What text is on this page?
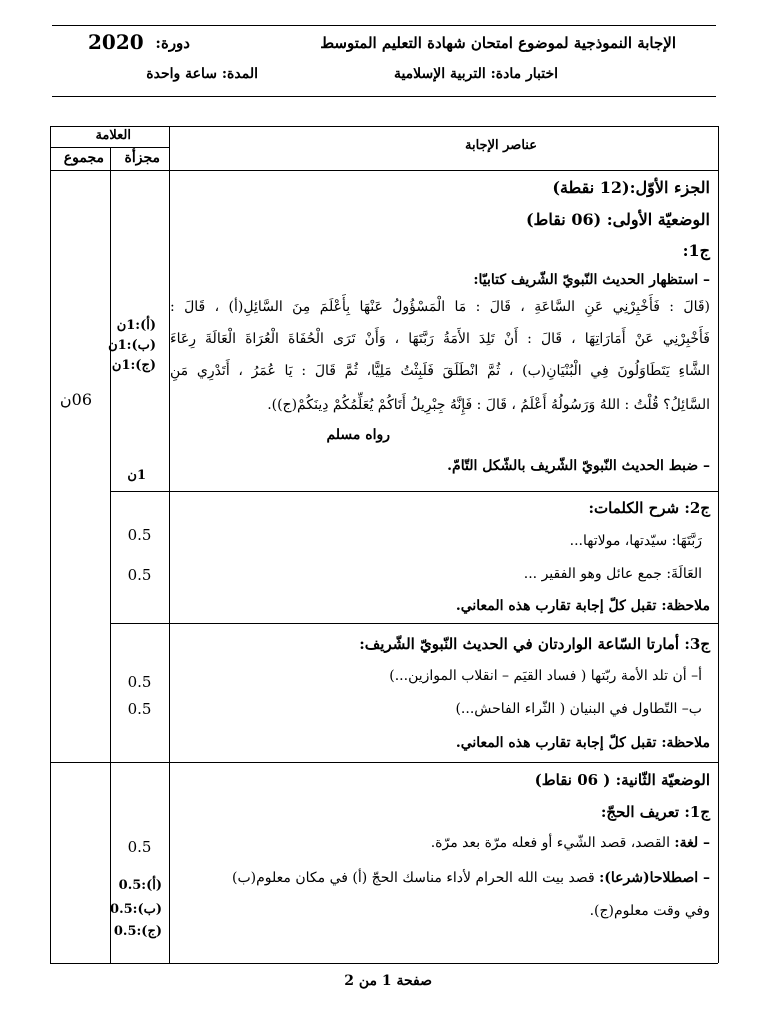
الإجابة النموذجية لموضوع امتحان شهادة التعليم المتوسط
دورة:
2020
اختبار مادة: التربية الإسلامية
المدة: ساعة واحدة
عناصر الإجابة
العلامة
مجزأة
مجموع
الجزء الأوّل:(12 نقطة)
الوضعيّة الأولى: (06 نقاط)
ج1:
– استظهار الحديث النّبويّ الشّريف كتابيّا:
(قَالَ : فَأَخْبِرْنِي عَنِ السَّاعَةِ ، قَالَ : مَا الْمَسْؤُولُ عَنْهَا بِأَعْلَمَ مِنَ السَّائِلِ(أ) ، قَالَ :
فَأَخْبِرْنِي عَنْ أَمَارَاتِهَا ، قَالَ : أَنْ تَلِدَ الأَمَةُ رَبَّتَهَا ، وَأَنْ تَرَى الْحُفَاةَ الْعُرَاةَ الْعَالَةَ رِعَاءَ
الشَّاءِ يَتَطَاوَلُونَ فِي الْبُنْيَانِ(ب) ، ثُمَّ انْطَلَقَ فَلَبِثْتُ مَلِيًّا، ثُمَّ قَالَ : يَا عُمَرُ ، أَتَدْرِي مَنِ
السَّائِلُ؟ قُلْتُ : اللهُ وَرَسُولُهُ أَعْلَمُ ، قَالَ : فَإِنَّهُ جِبْرِيلُ أَتَاكُمْ يُعَلِّمُكُمْ دِينَكُمْ(ج)).
رواه مسلم
– ضبط الحديث النّبويّ الشّريف بالشّكل التّامّ.
(أ):1ن
(ب):1ن
(ج):1ن
1ن
06ن
ج2: شرح الكلمات:
رَبَّتَهَا: سيّدتها، مولاتها...
العَالَةَ: جمع عائل وهو الفقير ...
ملاحظة: تقبل كلّ إجابة تقارب هذه المعاني.
0.5
0.5
ج3: أمارتا السّاعة الواردتان في الحديث النّبويّ الشّريف:
أ– أن تلد الأمة ربّتها ( فساد القيَم – انقلاب الموازين...)
ب– التّطاول في البنيان ( الثّراء الفاحش...)
ملاحظة: تقبل كلّ إجابة تقارب هذه المعاني.
0.5
0.5
الوضعيّة الثّانية: ( 06 نقاط)
ج1: تعريف الحجّ:
– لغة: القصد، قصد الشّيء أو فعله مرّة بعد مرّة.
– اصطلاحا(شرعا): قصد بيت الله الحرام لأداء مناسك الحجّ (أ) في مكان معلوم(ب)
وفي وقت معلوم(ج).
0.5
(أ):0.5
(ب):0.5
(ج):0.5
صفحة 1 من 2
